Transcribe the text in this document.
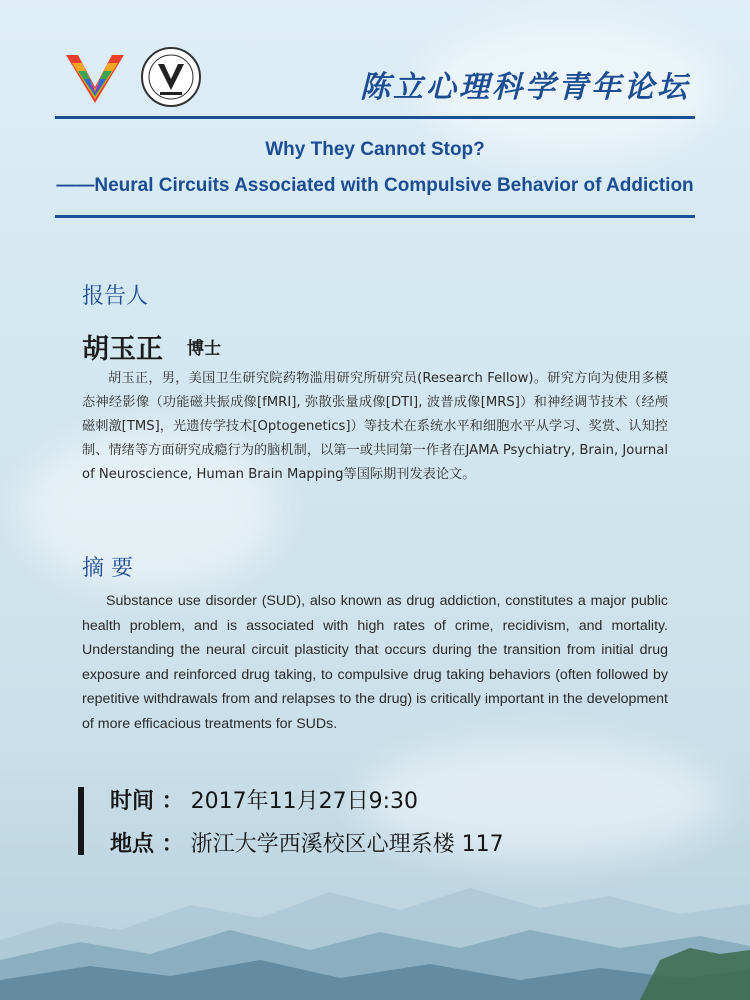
陈立心理科学青年论坛
Why They Cannot Stop?
——Neural Circuits Associated with Compulsive Behavior of Addiction
报告人
胡玉正 博士
胡玉正，男，美国卫生研究院药物滥用研究所研究员(Research Fellow)。研究方向为使用多模态神经影像（功能磁共振成像[fMRI], 弥散张量成像[DTI], 波普成像[MRS]）和神经调节技术（经颅磁刺激[TMS]，光遗传学技术[Optogenetics]）等技术在系统水平和细胞水平从学习、奖赏、认知控制、情绪等方面研究成瘾行为的脑机制，以第一或共同第一作者在JAMA Psychiatry, Brain, Journal of Neuroscience, Human Brain Mapping等国际期刊发表论文。
摘 要
Substance use disorder (SUD), also known as drug addiction, constitutes a major public health problem, and is associated with high rates of crime, recidivism, and mortality. Understanding the neural circuit plasticity that occurs during the transition from initial drug exposure and reinforced drug taking, to compulsive drug taking behaviors (often followed by repetitive withdrawals from and relapses to the drug) is critically important in the development of more efficacious treatments for SUDs.
时间 ： 2017年11月27日9:30
地点 ： 浙江大学西溪校区心理系楼 117
